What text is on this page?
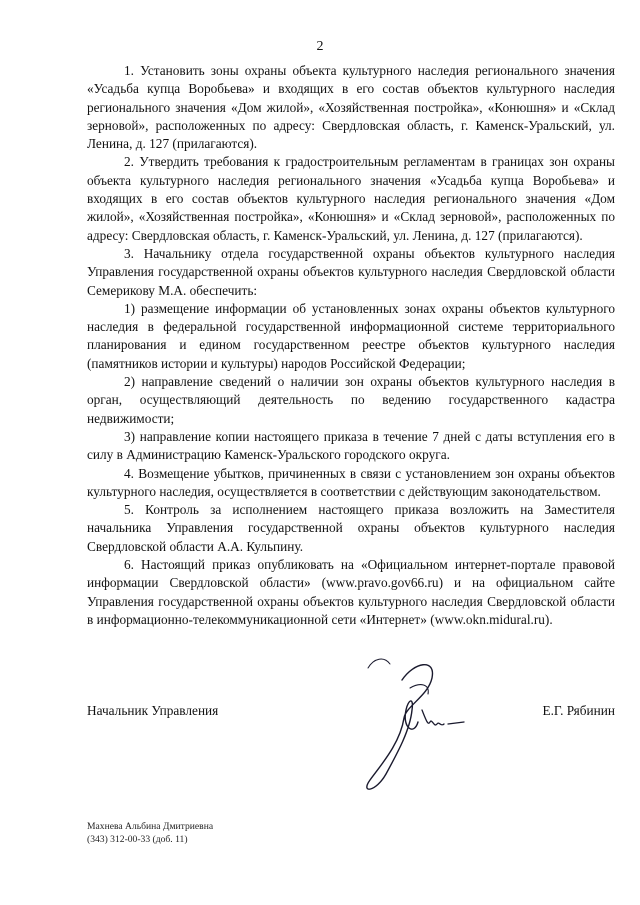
2

1. Установить зоны охраны объекта культурного наследия регионального значения «Усадьба купца Воробьева» и входящих в его состав объектов культурного наследия регионального значения «Дом жилой», «Хозяйственная постройка», «Конюшня» и «Склад зерновой», расположенных по адресу: Свердловская область, г. Каменск-Уральский, ул. Ленина, д. 127 (прилагаются).

2. Утвердить требования к градостроительным регламентам в границах зон охраны объекта культурного наследия регионального значения «Усадьба купца Воробьева» и входящих в его состав объектов культурного наследия регионального значения «Дом жилой», «Хозяйственная постройка», «Конюшня» и «Склад зерновой», расположенных по адресу: Свердловская область, г. Каменск-Уральский, ул. Ленина, д. 127 (прилагаются).

3. Начальнику отдела государственной охраны объектов культурного наследия Управления государственной охраны объектов культурного наследия Свердловской области Семерикову М.А. обеспечить:

1) размещение информации об установленных зонах охраны объектов культурного наследия в федеральной государственной информационной системе территориального планирования и едином государственном реестре объектов культурного наследия (памятников истории и культуры) народов Российской Федерации;

2) направление сведений о наличии зон охраны объектов культурного наследия в орган, осуществляющий деятельность по ведению государственного кадастра недвижимости;

3) направление копии настоящего приказа в течение 7 дней с даты вступления его в силу в Администрацию Каменск-Уральского городского округа.

4. Возмещение убытков, причиненных в связи с установлением зон охраны объектов культурного наследия, осуществляется в соответствии с действующим законодательством.

5. Контроль за исполнением настоящего приказа возложить на Заместителя начальника Управления государственной охраны объектов культурного наследия Свердловской области А.А. Кульпину.

6. Настоящий приказ опубликовать на «Официальном интернет-портале правовой информации Свердловской области» (www.pravo.gov66.ru) и на официальном сайте Управления государственной охраны объектов культурного наследия Свердловской области в информационно-телекоммуникационной сети «Интернет» (www.okn.midural.ru).

Начальник Управления	Е.Г. Рябинин
Махнева Альбина Дмитриевна
(343) 312-00-33 (доб. 11)
